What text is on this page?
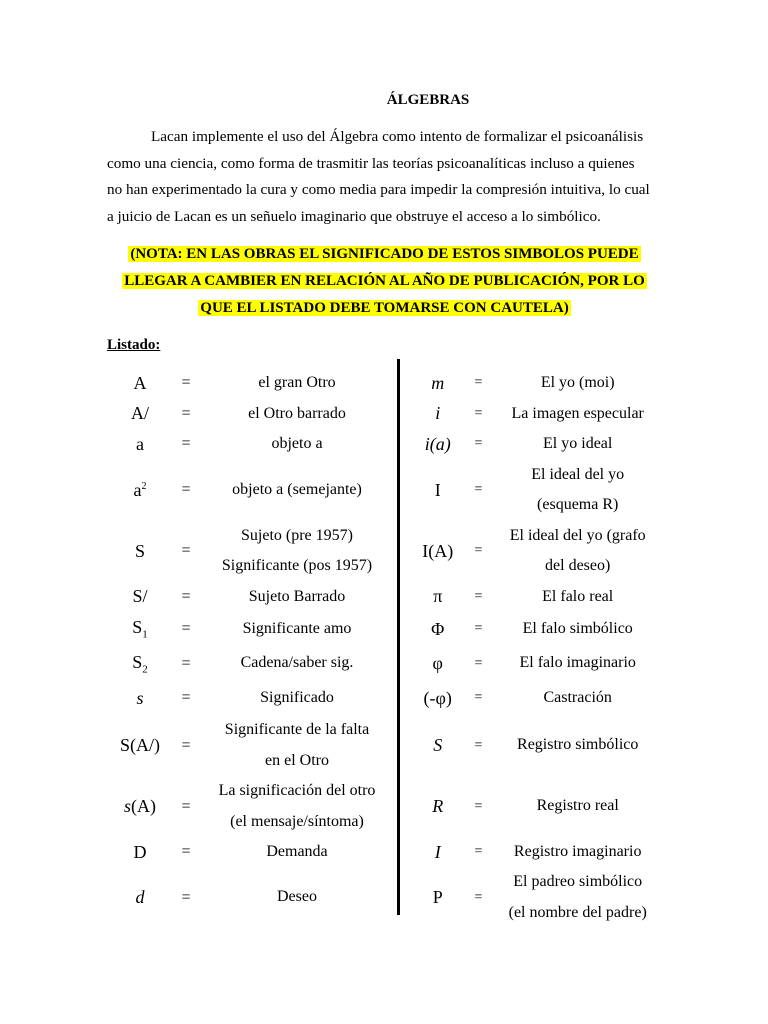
ÁLGEBRAS

Lacan implemente el uso del Álgebra como intento de formalizar el psicoanálisis como una ciencia, como forma de trasmitir las teorías psicoanalíticas incluso a quienes no han experimentado la cura y como media para impedir la compresión intuitiva, lo cual a juicio de Lacan es un señuelo imaginario que obstruye el acceso a lo simbólico.

(NOTA: EN LAS OBRAS EL SIGNIFICADO DE ESTOS SIMBOLOS PUEDE
LLEGAR A CAMBIER EN RELACIÓN AL AÑO DE PUBLICACIÓN, POR LO
QUE EL LISTADO DEBE TOMARSE CON CAUTELA)

Listado:
A	=	el gran Otro
A/	=	el Otro barrado
a	=	objeto a
$a^2$	=	objeto a (semejante)
S	=
Sujeto (pre 1957)
Significante (pos 1957)
S/	=	Sujeto Barrado
$S_1$	=	Significante amo
$S_2$	=	Cadena/saber sig.
s	=	Significado
S(A/)	=
Significante de la falta
en el Otro
s(A)	=
La significación del otro
(el mensaje/síntoma)
D	=	Demanda
d	=	Deseo
m	=	El yo (moi)
i	=	La imagen especular
i(a)	=	El yo ideal
I	=
El ideal del yo
(esquema R)
I(A)	=
El ideal del yo (grafo
del deseo)
π	=	El falo real
Φ	=	El falo simbólico
φ	=	El falo imaginario
(-φ)	=	Castración
S	=	Registro simbólico
R	=	Registro real
I	=	Registro imaginario
P	=
El padreo simbólico
(el nombre del padre)
